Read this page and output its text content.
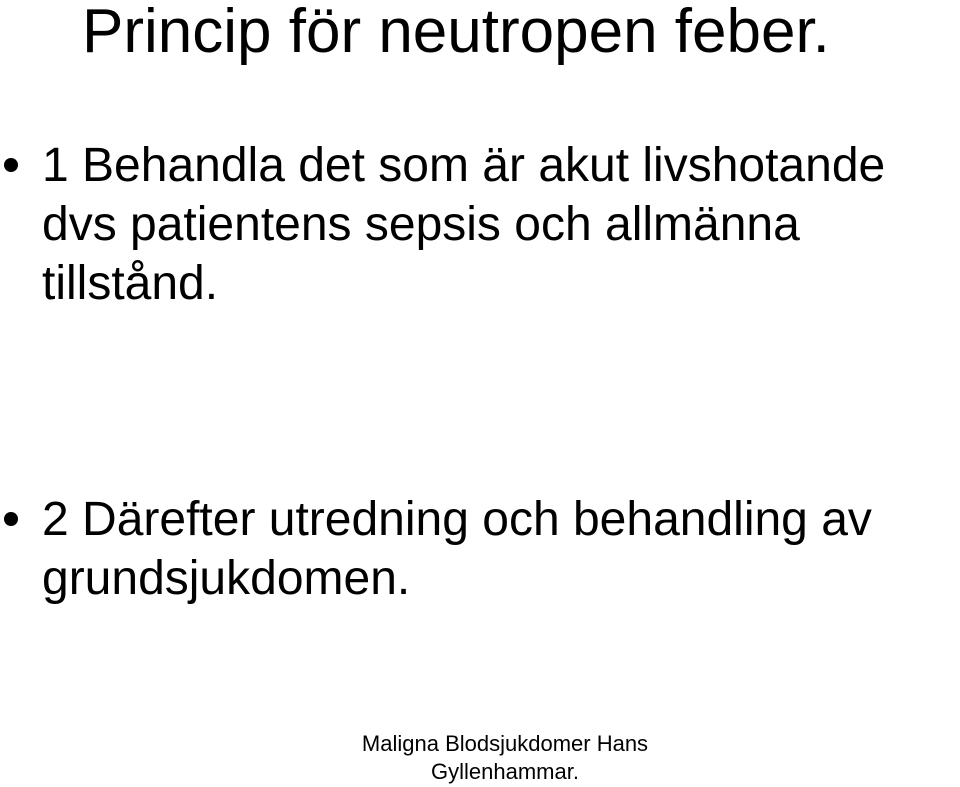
Princip för neutropen feber.
1 Behandla det som är akut livshotande
dvs patientens sepsis och allmänna
tillstånd.
2 Därefter utredning och behandling av
grundsjukdomen.
Maligna Blodsjukdomer Hans
Gyllenhammar.
